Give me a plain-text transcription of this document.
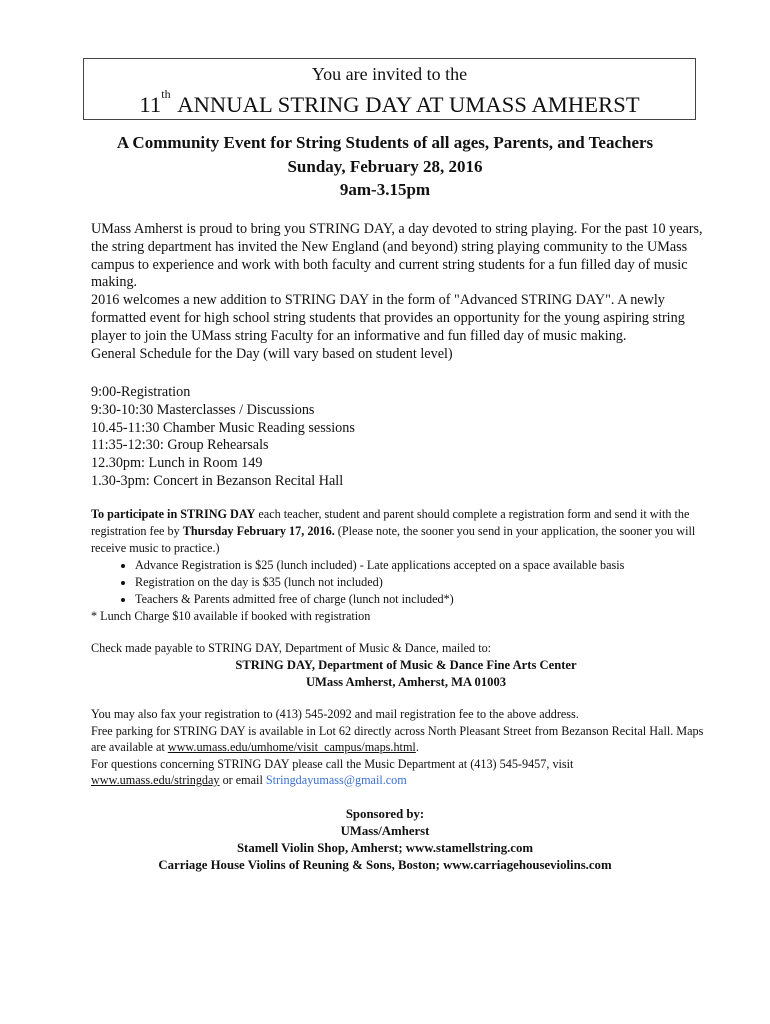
You are invited to the
11th ANNUAL STRING DAY AT UMASS AMHERST
A Community Event for String Students of all ages, Parents, and Teachers
Sunday, February 28, 2016
9am-3.15pm

UMass Amherst is proud to bring you STRING DAY, a day devoted to string playing. For the past 10 years, the string department has invited the New England (and beyond) string playing community to the UMass campus to experience and work with both faculty and current string students for a fun filled day of music making.

2016 welcomes a new addition to STRING DAY in the form of "Advanced STRING DAY". A newly formatted event for high school string students that provides an opportunity for the young aspiring string player to join the UMass string Faculty for an informative and fun filled day of music making.

General Schedule for the Day (will vary based on student level)

9:00-Registration
9:30-10:30 Masterclasses / Discussions
10.45-11:30 Chamber Music Reading sessions
11:35-12:30: Group Rehearsals
12.30pm: Lunch in Room 149
1.30-3pm: Concert in Bezanson Recital Hall

To participate in STRING DAY each teacher, student and parent should complete a registration form and send it with the registration fee by Thursday February 17, 2016. (Please note, the sooner you send in your application, the sooner you will receive music to practice.)

• Advance Registration is $25 (lunch included) - Late applications accepted on a space available basis
• Registration on the day is $35 (lunch not included)
• Teachers & Parents admitted free of charge (lunch not included*)

* Lunch Charge $10 available if booked with registration

Check made payable to STRING DAY, Department of Music & Dance, mailed to:
STRING DAY, Department of Music & Dance Fine Arts Center
UMass Amherst, Amherst, MA 01003

You may also fax your registration to (413) 545-2092 and mail registration fee to the above address.

Free parking for STRING DAY is available in Lot 62 directly across North Pleasant Street from Bezanson Recital Hall. Maps are available at www.umass.edu/umhome/visit_campus/maps.html.

For questions concerning STRING DAY please call the Music Department at (413) 545-9457, visit
www.umass.edu/stringday or email Stringdayumass@gmail.com

Sponsored by:
UMass/Amherst
Stamell Violin Shop, Amherst; www.stamellstring.com
Carriage House Violins of Reuning & Sons, Boston; www.carriagehouseviolins.com
